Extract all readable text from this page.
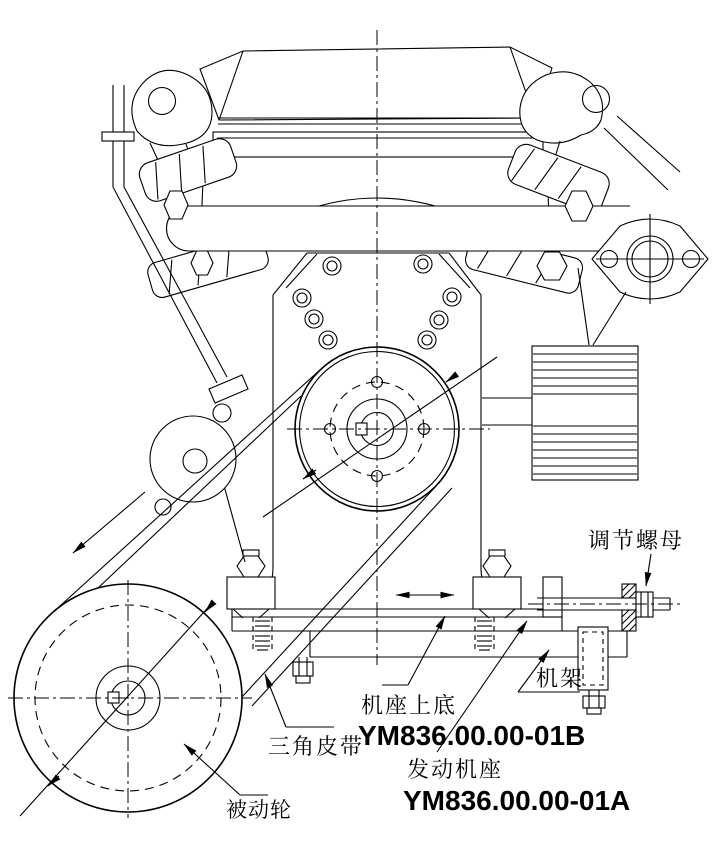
调节螺母
机架
机座上底
YM836.00.00-01B
发动机座
YM836.00.00-01A
三角皮带
被动轮
